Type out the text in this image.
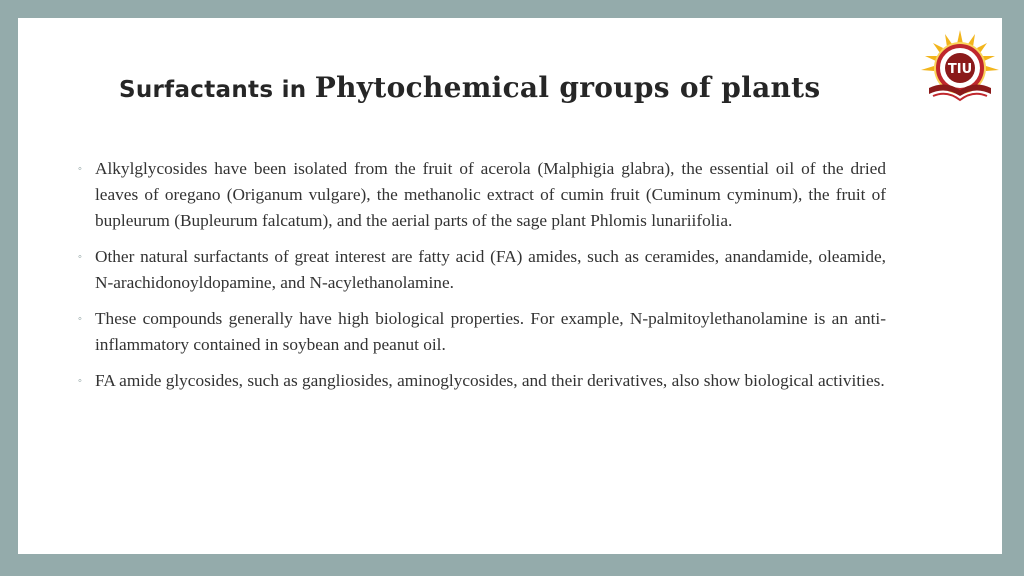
Surfactants in Phytochemical groups of plants
TIU
◦ Alkylglycosides have been isolated from the fruit of acerola (Malphigia glabra), the essential oil of the dried leaves of oregano (Origanum vulgare), the methanolic extract of cumin fruit (Cuminum cyminum), the fruit of bupleurum (Bupleurum falcatum), and the aerial parts of the sage plant Phlomis lunariifolia.
◦ Other natural surfactants of great interest are fatty acid (FA) amides, such as ceramides, anandamide, oleamide, N-arachidonoyldopamine, and N-acylethanolamine.
◦ These compounds generally have high biological properties. For example, N-palmitoylethanolamine is an anti-inflammatory contained in soybean and peanut oil.
◦ FA amide glycosides, such as gangliosides, aminoglycosides, and their derivatives, also show biological activities.
